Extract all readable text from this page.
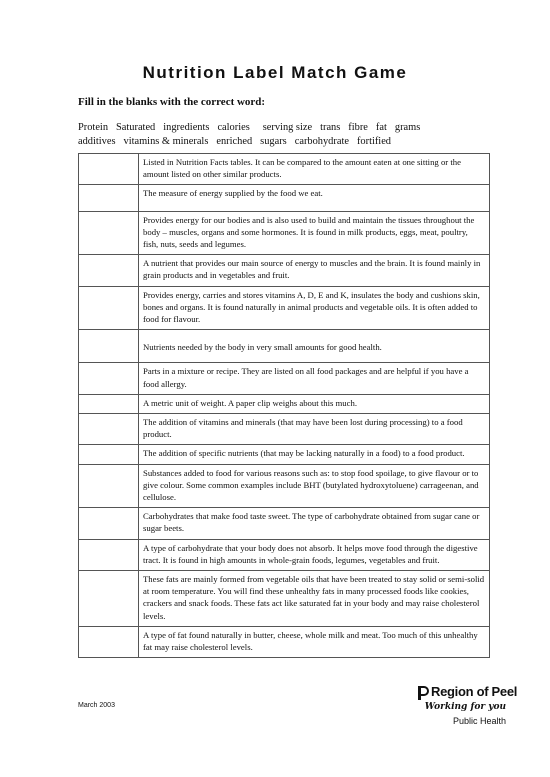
Nutrition Label Match Game
Fill in the blanks with the correct word:
Protein Saturated ingredients calories serving size trans fibre fat grams
additives vitamins & minerals enriched sugars carbohydrate fortified
	Listed in Nutrition Facts tables. It can be compared to the amount eaten at one sitting or the amount listed on other similar products.
	The measure of energy supplied by the food we eat.
	Provides energy for our bodies and is also used to build and maintain the tissues throughout the body – muscles, organs and some hormones. It is found in milk products, eggs, meat, poultry, fish, nuts, seeds and legumes.
	A nutrient that provides our main source of energy to muscles and the brain. It is found mainly in grain products and in vegetables and fruit.
	Provides energy, carries and stores vitamins A, D, E and K, insulates the body and cushions skin, bones and organs. It is found naturally in animal products and vegetable oils. It is often added to food for flavour.
	Nutrients needed by the body in very small amounts for good health.
	Parts in a mixture or recipe. They are listed on all food packages and are helpful if you have a food allergy.
	A metric unit of weight. A paper clip weighs about this much.
	The addition of vitamins and minerals (that may have been lost during processing) to a food product.
	The addition of specific nutrients (that may be lacking naturally in a food) to a food product.
	Substances added to food for various reasons such as: to stop food spoilage, to give flavour or to give colour. Some common examples include BHT (butylated hydroxytoluene) carrageenan, and cellulose.
	Carbohydrates that make food taste sweet. The type of carbohydrate obtained from sugar cane or sugar beets.
	A type of carbohydrate that your body does not absorb. It helps move food through the digestive tract. It is found in high amounts in whole-grain foods, legumes, vegetables and fruit.
	These fats are mainly formed from vegetable oils that have been treated to stay solid or semi-solid at room temperature. You will find these unhealthy fats in many processed foods like cookies, crackers and snack foods. These fats act like saturated fat in your body and may raise cholesterol levels.
	A type of fat found naturally in butter, cheese, whole milk and meat. Too much of this unhealthy fat may raise cholesterol levels.
March 2003
Region of Peel
Working for you
Public Health
